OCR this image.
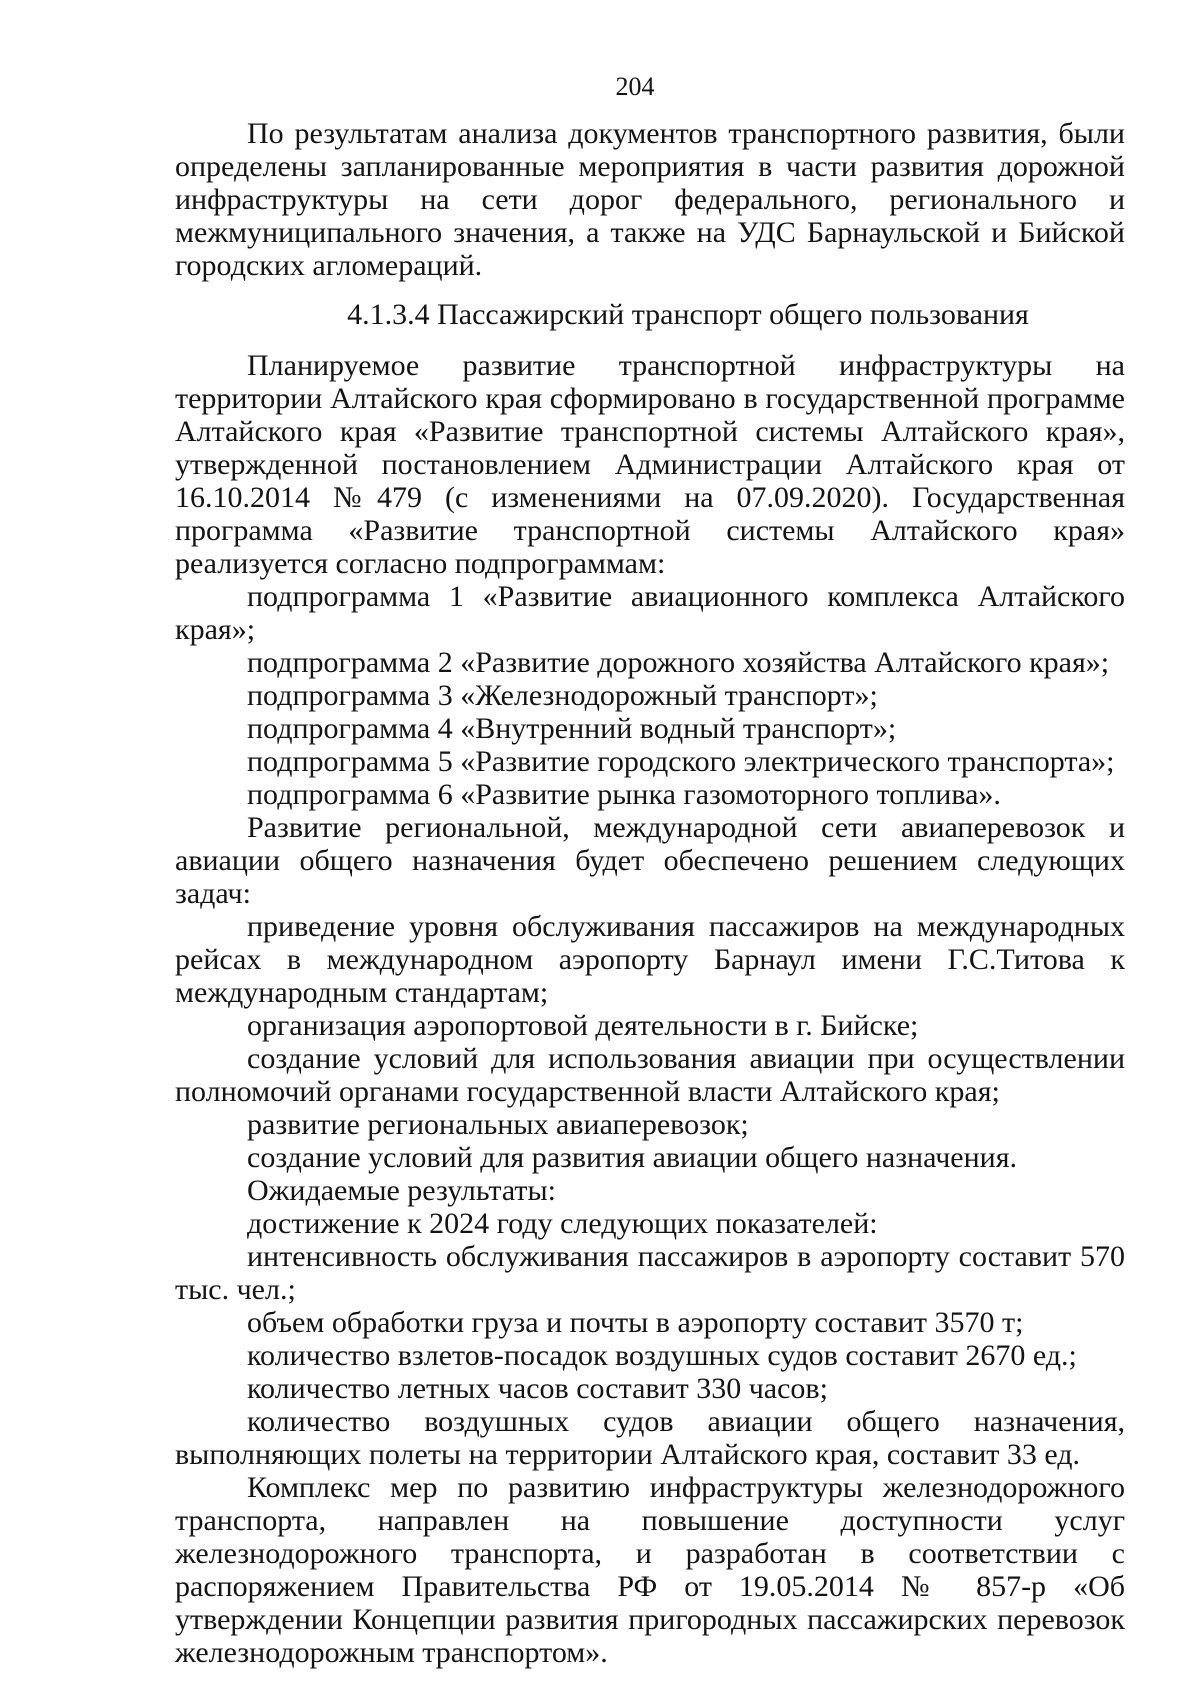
204

По результатам анализа документов транспортного развития, были определены запланированные мероприятия в части развития дорожной инфраструктуры на сети дорог федерального, регионального и межмуниципального значения, а также на УДС Барнаульской и Бийской городских агломераций.

4.1.3.4 Пассажирский транспорт общего пользования

Планируемое развитие транспортной инфраструктуры на территории Алтайского края сформировано в государственной программе Алтайского края «Развитие транспортной системы Алтайского края», утвержденной постановлением Администрации Алтайского края от 16.10.2014 №479 (с изменениями на 07.09.2020). Государственная программа «Развитие транспортной системы Алтайского края» реализуется согласно подпрограммам:

подпрограмма 1 «Развитие авиационного комплекса Алтайского края»;

подпрограмма 2 «Развитие дорожного хозяйства Алтайского края»;

подпрограмма 3 «Железнодорожный транспорт»;

подпрограмма 4 «Внутренний водный транспорт»;

подпрограмма 5 «Развитие городского электрического транспорта»;

подпрограмма 6 «Развитие рынка газомоторного топлива».

Развитие региональной, международной сети авиаперевозок и авиации общего назначения будет обеспечено решением следующих задач:

приведение уровня обслуживания пассажиров на международных рейсах в международном аэропорту Барнаул имени Г.С.Титова к международным стандартам;

организация аэропортовой деятельности в г. Бийске;

создание условий для использования авиации при осуществлении полномочий органами государственной власти Алтайского края;

развитие региональных авиаперевозок;

создание условий для развития авиации общего назначения.

Ожидаемые результаты:

достижение к 2024 году следующих показателей:

интенсивность обслуживания пассажиров в аэропорту составит 570 тыс. чел.;

объем обработки груза и почты в аэропорту составит 3570 т;

количество взлетов-посадок воздушных судов составит 2670 ед.;

количество летных часов составит 330 часов;

количество воздушных судов авиации общего назначения, выполняющих полеты на территории Алтайского края, составит 33 ед.

Комплекс мер по развитию инфраструктуры железнодорожного транспорта, направлен на повышение доступности услуг железнодорожного транспорта, и разработан в соответствии с распоряжением Правительства РФ от 19.05.2014 № 857-р «Об утверждении Концепции развития пригородных пассажирских перевозок железнодорожным транспортом».
